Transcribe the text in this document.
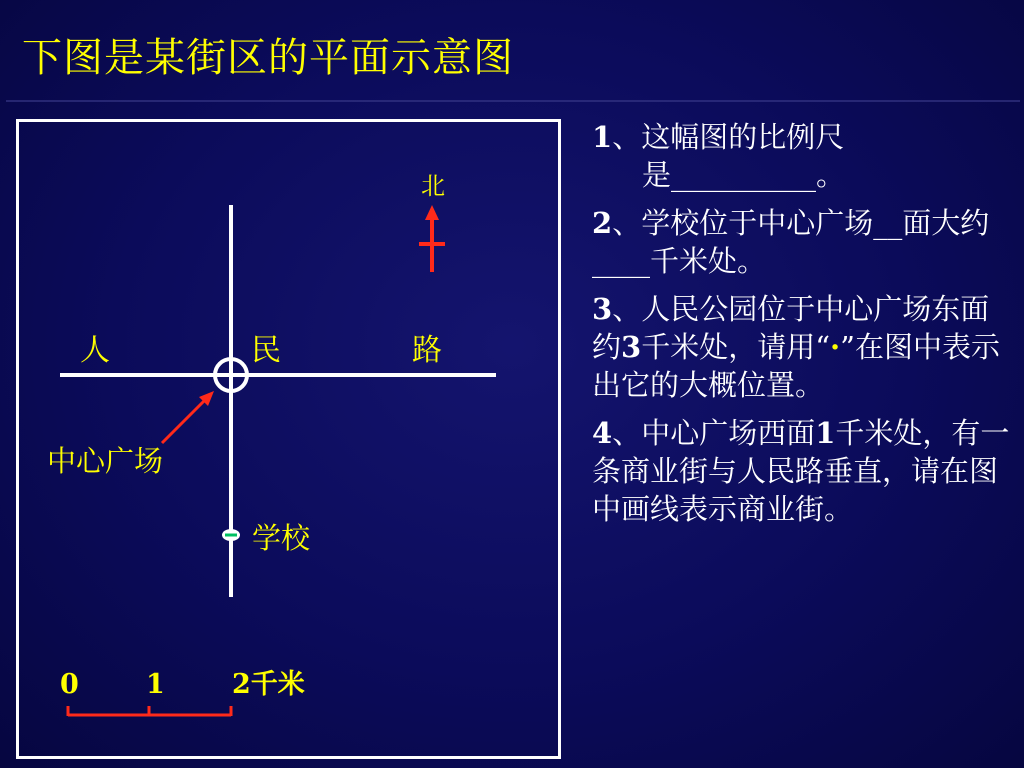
下图是某街区的平面示意图
北
人	民	路
中心广场
学校
0 1 2千米
1、这幅图的比例尺
是__________。
2、学校位于中心广场__面大约____千米处。
3、人民公园位于中心广场东面约3千米处，请用“·”在图中表示出它的大概位置。
4、中心广场西面1千米处，有一条商业街与人民路垂直，请在图中画线表示商业街。
